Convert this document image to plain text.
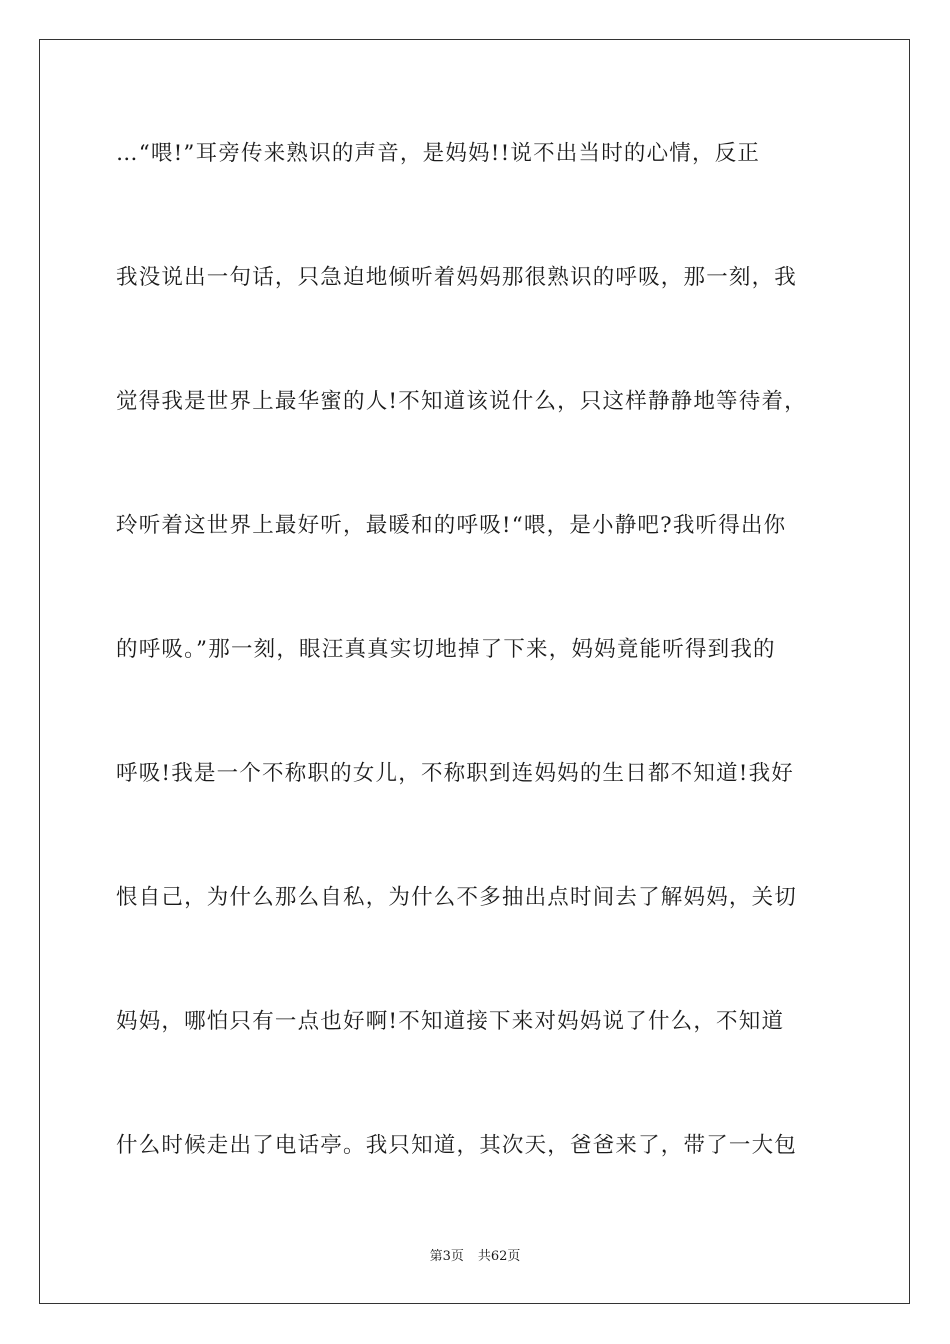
…“喂!”耳旁传来熟识的声音，是妈妈!!说不出当时的心情，反正
我没说出一句话，只急迫地倾听着妈妈那很熟识的呼吸，那一刻，我
觉得我是世界上最华蜜的人!不知道该说什么，只这样静静地等待着，
玲听着这世界上最好听，最暖和的呼吸!“喂，是小静吧?我听得出你
的呼吸。”那一刻，眼汪真真实切地掉了下来，妈妈竟能听得到我的
呼吸!我是一个不称职的女儿，不称职到连妈妈的生日都不知道!我好
恨自己，为什么那么自私，为什么不多抽出点时间去了解妈妈，关切
妈妈，哪怕只有一点也好啊!不知道接下来对妈妈说了什么，不知道
什么时候走出了电话亭。我只知道，其次天，爸爸来了，带了一大包
第3页 共62页
